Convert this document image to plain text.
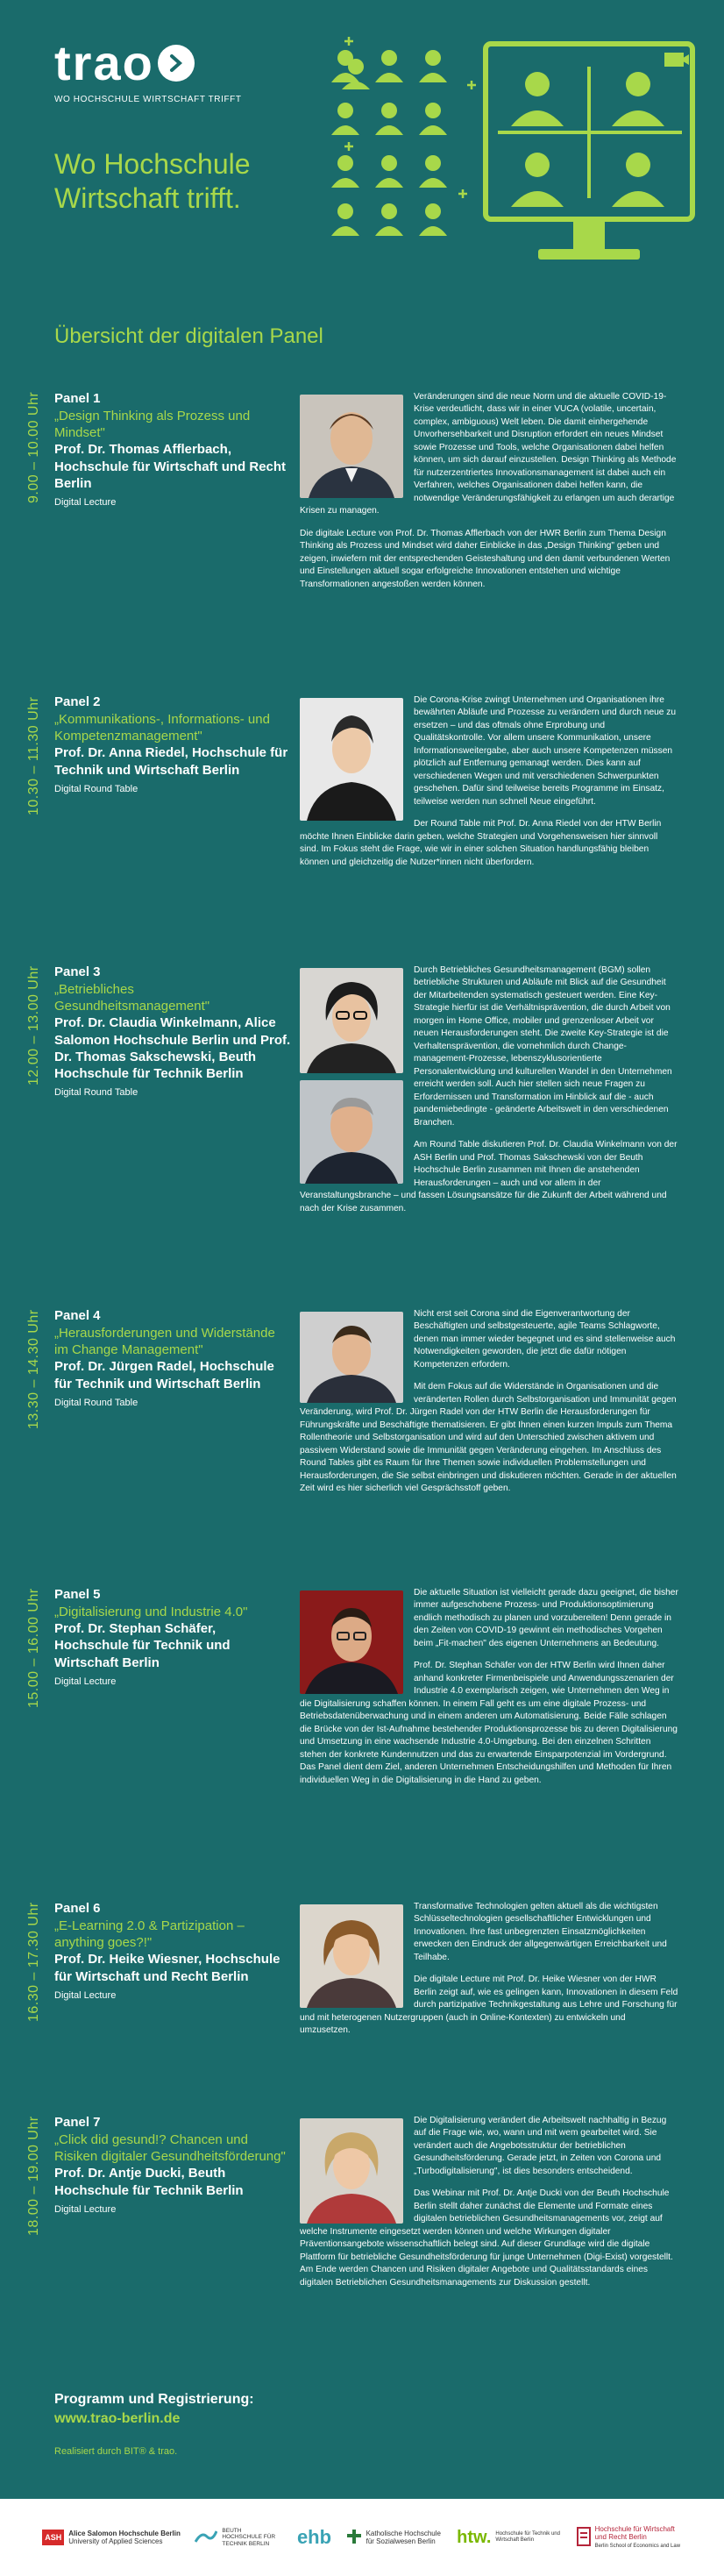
trao
WO HOCHSCHULE WIRTSCHAFT TRIFFT
Wo Hochschule
Wirtschaft trifft.
Übersicht der digitalen Panel
9.00 – 10.00 Uhr Panel 1
„Design Thinking als Prozess und Mindset"
Prof. Dr. Thomas Afflerbach, Hochschule für Wirtschaft und Recht Berlin
Digital Lecture

Veränderungen sind die neue Norm und die aktuelle COVID-19-Krise verdeutlicht, dass wir in einer VUCA (volatile, uncertain, complex, ambiguous) Welt leben. Die damit einhergehende Unvorhersehbarkeit und Disruption erfordert ein neues Mindset sowie Prozesse und Tools, welche Organisationen dabei helfen können, um sich darauf einzustellen. Design Thinking als Methode für nutzerzentriertes Innovationsmanagement ist dabei auch ein Verfahren, welches Organisationen dabei helfen kann, die notwendige Veränderungsfähigkeit zu erlangen um auch derartige Krisen zu managen.

Die digitale Lecture von Prof. Dr. Thomas Afflerbach von der HWR Berlin zum Thema Design Thinking als Prozess und Mindset wird daher Einblicke in das „Design Thinking" geben und zeigen, inwiefern mit der entsprechenden Geisteshaltung und den damit verbundenen Werten und Einstellungen aktuell sogar erfolgreiche Innovationen entstehen und wichtige Transformationen angestoßen werden können.

10.30 – 11.30 Uhr Panel 2
„Kommunikations-, Informations- und Kompetenzmanagement"
Prof. Dr. Anna Riedel, Hochschule für Technik und Wirtschaft Berlin
Digital Round Table

Die Corona-Krise zwingt Unternehmen und Organisationen ihre bewährten Abläufe und Prozesse zu verändern und durch neue zu ersetzen – und das oftmals ohne Erprobung und Qualitätskontrolle. Vor allem unsere Kommunikation, unsere Informationsweitergabe, aber auch unsere Kompetenzen müssen plötzlich auf Entfernung gemanagt werden. Dies kann auf verschiedenen Wegen und mit verschiedenen Schwerpunkten geschehen. Dafür sind teilweise bereits Programme im Einsatz, teilweise werden nun schnell Neue eingeführt.

Der Round Table mit Prof. Dr. Anna Riedel von der HTW Berlin möchte Ihnen Einblicke darin geben, welche Strategien und Vorgehensweisen hier sinnvoll sind. Im Fokus steht die Frage, wie wir in einer solchen Situation handlungsfähig bleiben können und gleichzeitig die Nutzer*innen nicht überfordern.

12.00 – 13.00 Uhr Panel 3
„Betriebliches Gesundheitsmanagement"
Prof. Dr. Claudia Winkelmann, Alice Salomon Hochschule Berlin und Prof. Dr. Thomas Sakschewski, Beuth Hochschule für Technik Berlin
Digital Round Table

Durch Betriebliches Gesundheitsmanagement (BGM) sollen betriebliche Strukturen und Abläufe mit Blick auf die Gesundheit der Mitarbeitenden systematisch gesteuert werden. Eine Key-Strategie hierfür ist die Verhältnisprävention, die durch Arbeit von morgen im Home Office, mobiler und grenzenloser Arbeit vor neuen Herausforderungen steht. Die zweite Key-Strategie ist die Verhaltensprävention, die vornehmlich durch Change-management-Prozesse, lebenszyklusorientierte Personalentwicklung und kulturellen Wandel in den Unternehmen erreicht werden soll. Auch hier stellen sich neue Fragen zu Erfordernissen und Transformation im Hinblick auf die - auch pandemiebedingte - geänderte Arbeitswelt in den verschiedenen Branchen.

Am Round Table diskutieren Prof. Dr. Claudia Winkelmann von der ASH Berlin und Prof. Thomas Sakschewski von der Beuth Hochschule Berlin zusammen mit Ihnen die anstehenden Herausforderungen – auch und vor allem in der Veranstaltungsbranche – und fassen Lösungsansätze für die Zukunft der Arbeit während und nach der Krise zusammen.

13.30 – 14.30 Uhr Panel 4
„Herausforderungen und Widerstände im Change Management"
Prof. Dr. Jürgen Radel, Hochschule für Technik und Wirtschaft Berlin
Digital Round Table

Nicht erst seit Corona sind die Eigenverantwortung der Beschäftigten und selbstgesteuerte, agile Teams Schlagworte, denen man immer wieder begegnet und es sind stellenweise auch Notwendigkeiten geworden, die jetzt die dafür nötigen Kompetenzen erfordern.

Mit dem Fokus auf die Widerstände in Organisationen und die veränderten Rollen durch Selbstorganisation und Immunität gegen Veränderung, wird Prof. Dr. Jürgen Radel von der HTW Berlin die Herausforderungen für Führungskräfte und Beschäftigte thematisieren. Er gibt Ihnen einen kurzen Impuls zum Thema Rollentheorie und Selbstorganisation und wird auf den Unterschied zwischen aktivem und passivem Widerstand sowie die Immunität gegen Veränderung eingehen. Im Anschluss des Round Tables gibt es Raum für Ihre Themen sowie individuellen Problemstellungen und Herausforderungen, die Sie selbst einbringen und diskutieren möchten. Gerade in der aktuellen Zeit wird es hier sicherlich viel Gesprächsstoff geben.

15.00 – 16.00 Uhr Panel 5
„Digitalisierung und Industrie 4.0"
Prof. Dr. Stephan Schäfer, Hochschule für Technik und Wirtschaft Berlin
Digital Lecture

Die aktuelle Situation ist vielleicht gerade dazu geeignet, die bisher immer aufgeschobene Prozess- und Produktionsoptimierung endlich methodisch zu planen und vorzubereiten! Denn gerade in den Zeiten von COVID-19 gewinnt ein methodisches Vorgehen beim „Fit-machen" des eigenen Unternehmens an Bedeutung.

Prof. Dr. Stephan Schäfer von der HTW Berlin wird Ihnen daher anhand konkreter Firmenbeispiele und Anwendungsszenarien der Industrie 4.0 exemplarisch zeigen, wie Unternehmen den Weg in die Digitalisierung schaffen können. In einem Fall geht es um eine digitale Prozess- und Betriebsdatenüberwachung und in einem anderen um Automatisierung. Beide Fälle schlagen die Brücke von der Ist-Aufnahme bestehender Produktionsprozesse bis zu deren Digitalisierung und Umsetzung in eine wachsende Industrie 4.0-Umgebung. Bei den einzelnen Schritten stehen der konkrete Kundennutzen und das zu erwartende Einsparpotenzial im Vordergrund. Das Panel dient dem Ziel, anderen Unternehmen Entscheidungshilfen und Methoden für Ihren individuellen Weg in die Digitalisierung in die Hand zu geben.

16.30 – 17.30 Uhr Panel 6
„E-Learning 2.0 & Partizipation – anything goes?!"
Prof. Dr. Heike Wiesner, Hochschule für Wirtschaft und Recht Berlin
Digital Lecture

Transformative Technologien gelten aktuell als die wichtigsten Schlüsseltechnologien gesellschaftlicher Entwicklungen und Innovationen. Ihre fast unbegrenzten Einsatzmöglichkeiten erwecken den Eindruck der allgegenwärtigen Erreichbarkeit und Teilhabe.

Die digitale Lecture mit Prof. Dr. Heike Wiesner von der HWR Berlin zeigt auf, wie es gelingen kann, Innovationen in diesem Feld durch partizipative Technikgestaltung aus Lehre und Forschung für und mit heterogenen Nutzergruppen (auch in Online-Kontexten) zu entwickeln und umzusetzen.

18.00 – 19.00 Uhr Panel 7
„Click did gesund!? Chancen und Risiken digitaler Gesundheitsförderung"
Prof. Dr. Antje Ducki, Beuth Hochschule für Technik Berlin
Digital Lecture

Die Digitalisierung verändert die Arbeitswelt nachhaltig in Bezug auf die Frage wie, wo, wann und mit wem gearbeitet wird. Sie verändert auch die Angebotsstruktur der betrieblichen Gesundheitsförderung. Gerade jetzt, in Zeiten von Corona und „Turbodigitalisierung", ist dies besonders entscheidend.

Das Webinar mit Prof. Dr. Antje Ducki von der Beuth Hochschule Berlin stellt daher zunächst die Elemente und Formate eines digitalen betrieblichen Gesundheitsmanagements vor, zeigt auf welche Instrumente eingesetzt werden können und welche Wirkungen digitaler Präventionsangebote wissenschaftlich belegt sind. Auf dieser Grundlage wird die digitale Plattform für betriebliche Gesundheitsförderung für junge Unternehmen (Digi-Exist) vorgestellt. Am Ende werden Chancen und Risiken digitaler Angebote und Qualitätsstandards eines digitalen Betrieblichen Gesundheitsmanagements zur Diskussion gestellt.

Programm und Registrierung:
www.trao-berlin.de
Realisiert durch BIT® & trao.
ASH	Alice Salomon Hochschule Berlin
University of Applied Sciences
BEUTH HOCHSCHULE FÜR TECHNIK BERLIN	ehb	Katholische Hochschule für Sozialwesen Berlin	htw. Hochschule für Technik und Wirtschaft Berlin
Hochschule für Wirtschaft und Recht Berlin
Berlin School of Economics and Law
